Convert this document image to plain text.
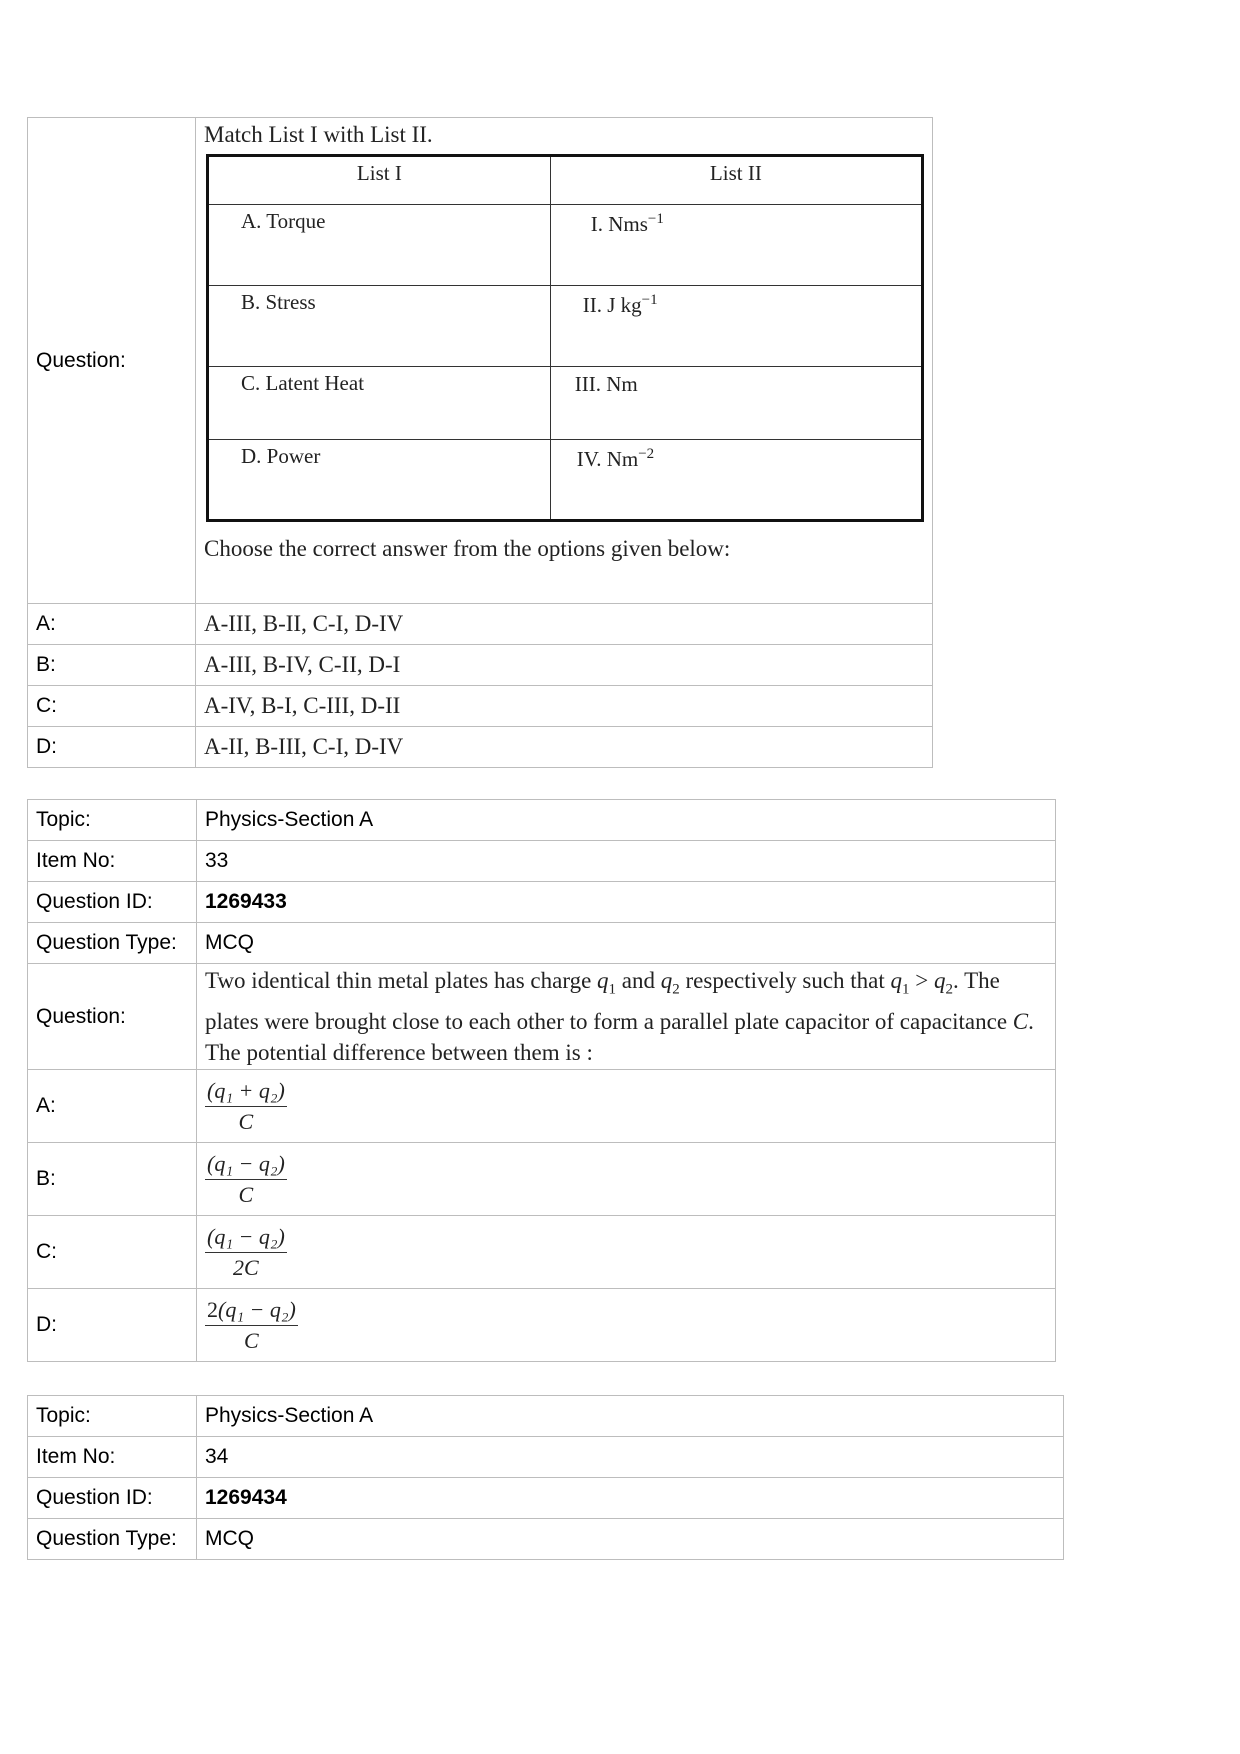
Question:	
Match List I with List II.
List I	List II
A. Torque	I. Nms$^{-1}$
B. Stress	II. J $kg^{-1}$
C. Latent Heat	III. Nm
D. Power	IV. $Nm^{-2}$
Choose the correct answer from the options given below:

A:	A-III, B-II, C-I, D-IV
B:	A-III, B-IV, C-II, D-I
C:	A-IV, B-I, C-III, D-II
D:	A-II, B-III, C-I, D-IV
Topic:	Physics-Section A
Item No:	33
Question ID:	1269433
Question Type:	MCQ
Question:	Two identical thin metal plates has charge $q_1$ and $q_2$ respectively such that $q_1 > q_2$. The plates were brought close to each other to form a parallel plate capacitor of capacitance C. The potential difference between them is :
A:	$\frac{\text{(q₁ + q₂)}}{C}$

B:	$\frac{\text{(q₁ − q₂)}}{C}$

C:	$\frac{\text{(q₁ − q₂)}}{2C}$

D:	$\frac{\text{2(q₁ − q₂)}}{C}$
Topic:	Physics-Section A
Item No:	34
Question ID:	1269434
Question Type:	MCQ
